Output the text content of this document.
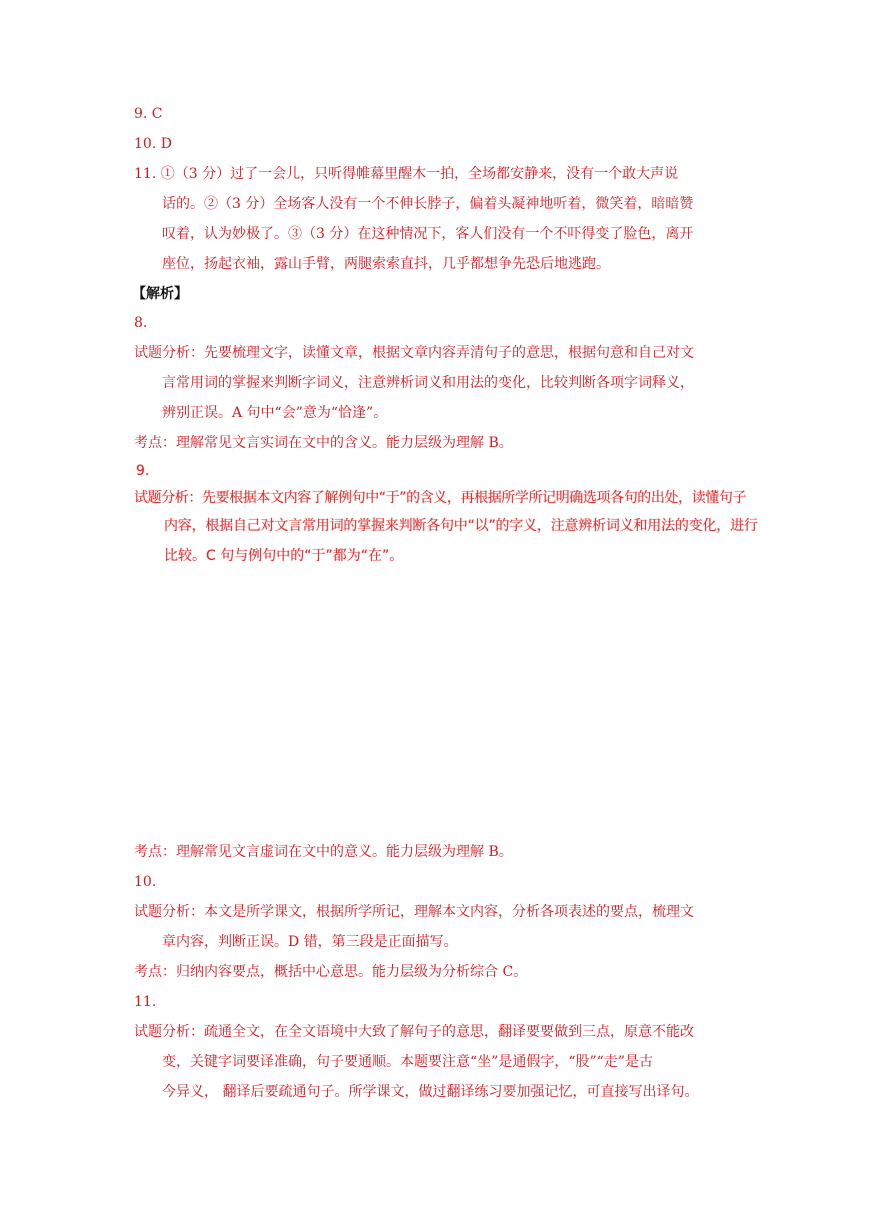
9. C
10. D
11. ①（3 分）过了一会儿，只听得帷幕里醒木一拍，全场都安静来，没有一个敢大声说
话的。②（3 分）全场客人没有一个不伸长脖子，偏着头凝神地听着，微笑着，暗暗赞
叹着，认为妙极了。③（3 分）在这种情况下，客人们没有一个不吓得变了脸色，离开
座位，扬起衣袖，露山手臂，两腿索索直抖，几乎都想争先恐后地逃跑。
【解析】
8.
试题分析：先要梳理文字，读懂文章，根据文章内容弄清句子的意思，根据句意和自己对文
言常用词的掌握来判断字词义，注意辨析词义和用法的变化，比较判断各项字词释义，
辨别正误。A 句中“会”意为“恰逢”。
考点：理解常见文言实词在文中的含义。能力层级为理解 B。
9.
试题分析：先要根据本文内容了解例句中“于”的含义，再根据所学所记明确选项各句的出处，读懂句子
内容，根据自己对文言常用词的掌握来判断各句中“以”的字义，注意辨析词义和用法的变化，进行
比较。C 句与例句中的“于”都为“在”。
考点：理解常见文言虚词在文中的意义。能力层级为理解 B。
10.
试题分析：本文是所学课文，根据所学所记，理解本文内容，分析各项表述的要点，梳理文
章内容，判断正误。D 错，第三段是正面描写。
考点：归纳内容要点，概括中心意思。能力层级为分析综合 C。
11.
试题分析：疏通全文，在全文语境中大致了解句子的意思，翻译要要做到三点，原意不能改
变，关键字词要译准确，句子要通顺。本题要注意“坐”是通假字，“股”“走”是古
今异义， 翻译后要疏通句子。所学课文，做过翻译练习要加强记忆，可直接写出译句。
